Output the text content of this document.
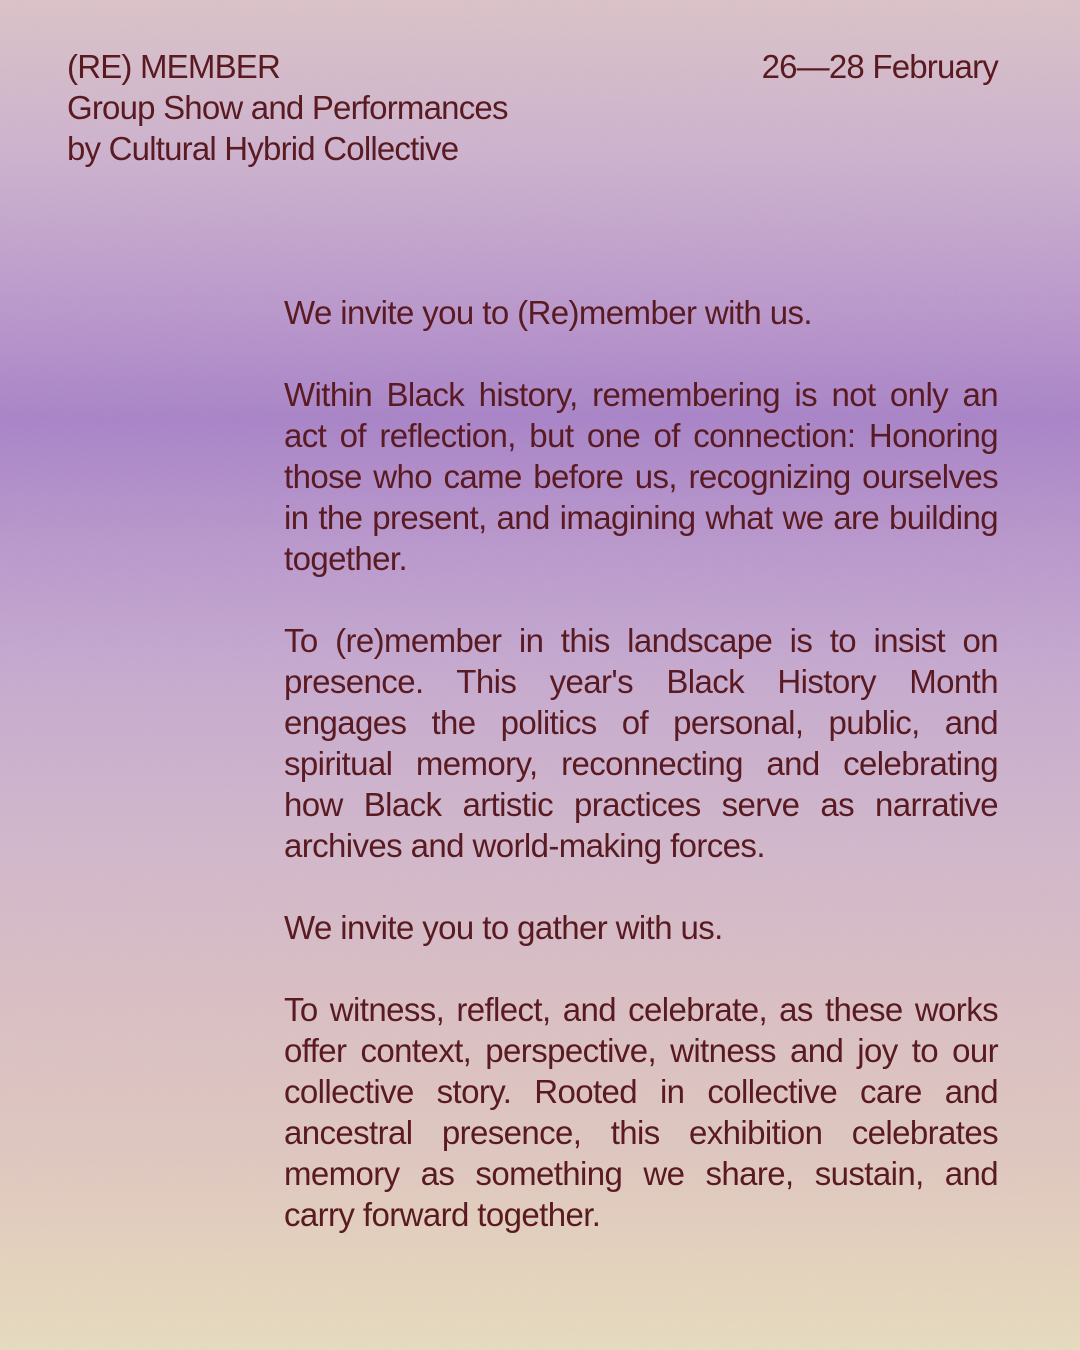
(RE) MEMBER
Group Show and Performances
by Cultural Hybrid Collective
26—28 February

We invite you to (Re)member with us.

Within Black history, remembering is not only an act of reflection, but one of connection: Honoring those who came before us, recognizing ourselves in the present, and imagining what we are building together.

To (re)member in this landscape is to insist on presence. This year's Black History Month engages the politics of personal, public, and spiritual memory, reconnecting and celebrating how Black artistic practices serve as narrative archives and world-making forces.

We invite you to gather with us.

To witness, reflect, and celebrate, as these works offer context, perspective, witness and joy to our collective story. Rooted in collective care and ancestral presence, this exhibition celebrates memory as something we share, sustain, and carry forward together.
